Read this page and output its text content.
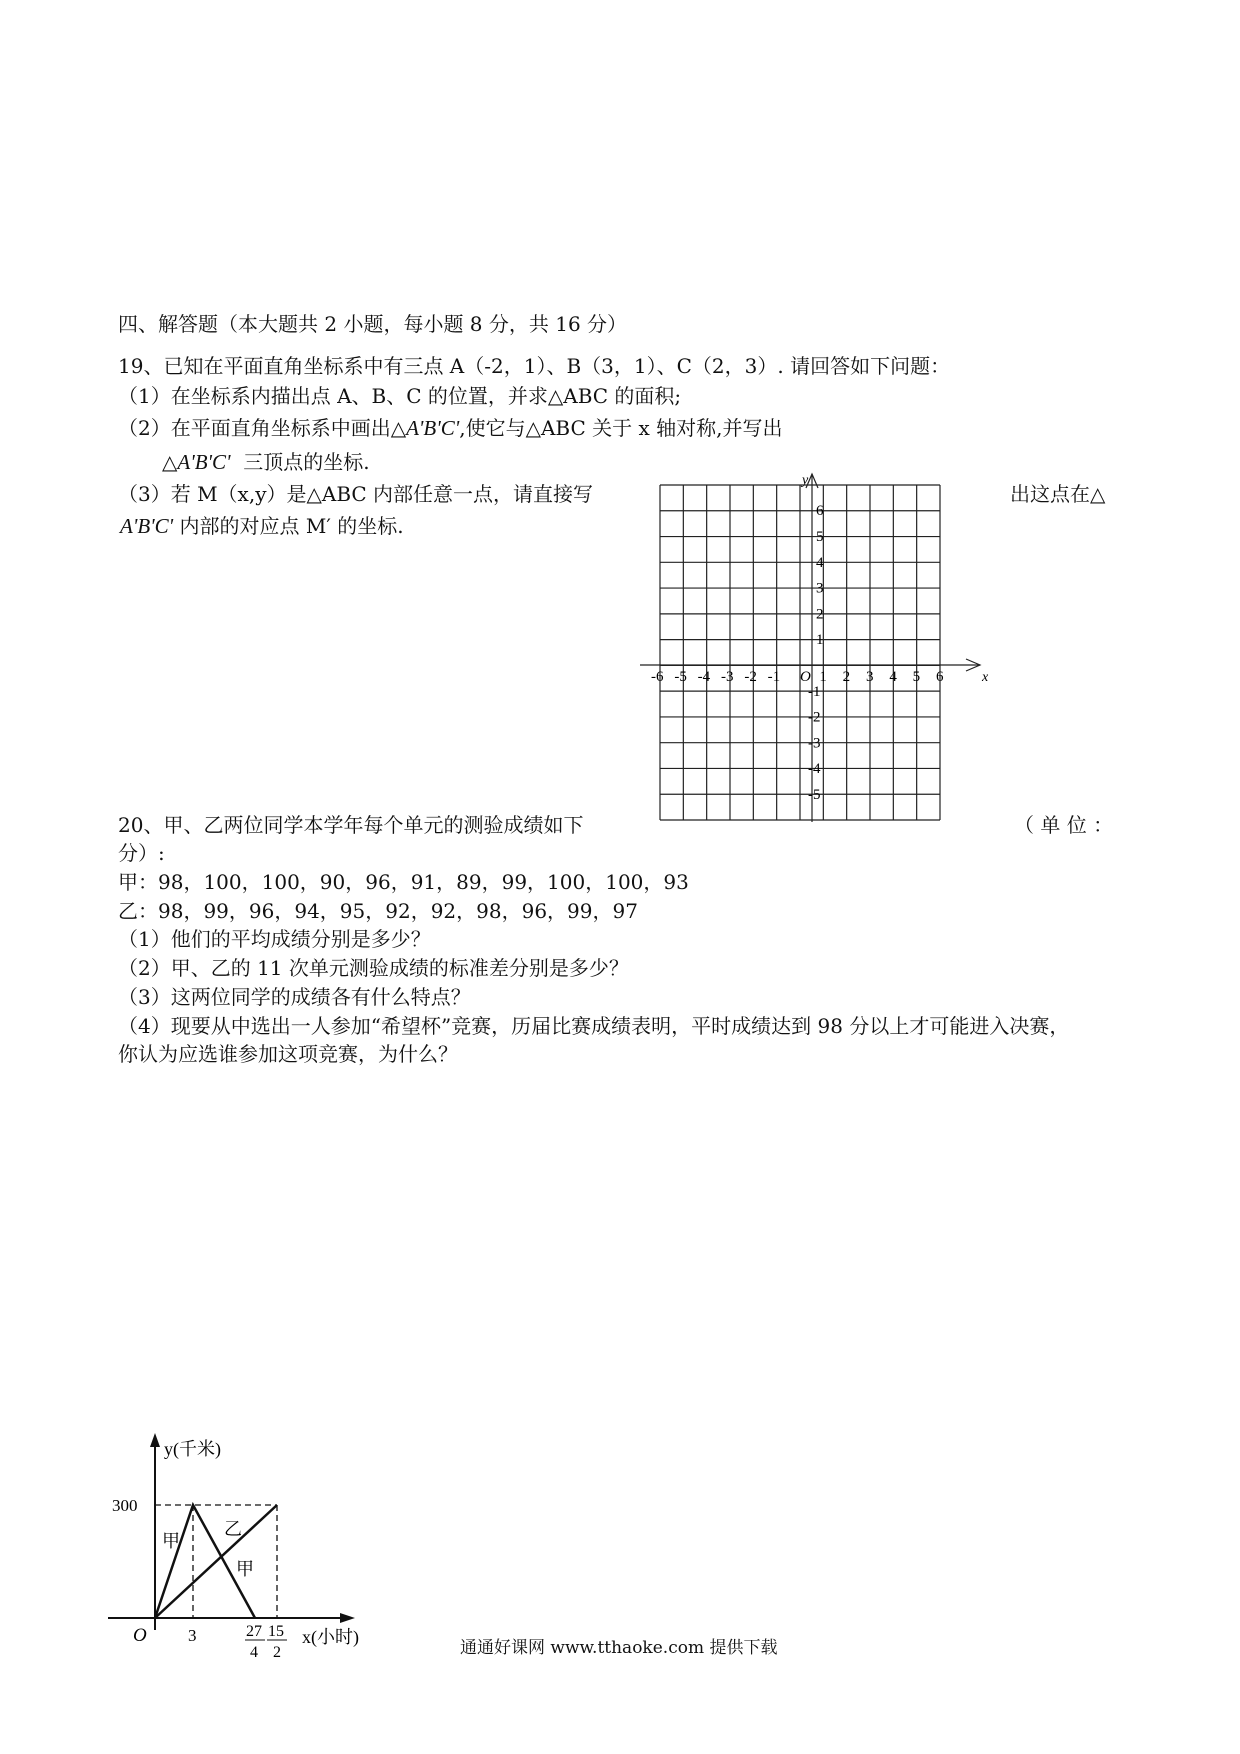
四、解答题（本大题共 2 小题，每小题 8 分，共 16 分）
19、已知在平面直角坐标系中有三点 A（-2，1）、B（3，1）、C（2，3）. 请回答如下问题：
（1）在坐标系内描出点 A、B、C 的位置，并求△ABC 的面积;
（2）在平面直角坐标系中画出△A'B'C',使它与△ABC 关于 x 轴对称,并写出
△A'B'C' 三顶点的坐标.
（3）若 M（x,y）是△ABC 内部任意一点，请直接写	出这点在△
A'B'C' 内部的对应点 M′ 的坐标.
x
y
O
-6 -5 -4 -3 -2 -1	1 2 3 4 5 6
6
5
4
3
2
1
-1
-2
-3
-4
-5
20、甲、乙两位同学本学年每个单元的测验成绩如下	（ 单 位 ：
分）:
甲：98，100，100，90，96，91，89，99，100，100，93
乙：98，99，96，94，95，92，92，98，96，99，97
（1）他们的平均成绩分别是多少？
（2）甲、乙的 11 次单元测验成绩的标准差分别是多少？
（3）这两位同学的成绩各有什么特点？
（4）现要从中选出一人参加“希望杯”竞赛，历届比赛成绩表明，平时成绩达到 98 分以上才可能进入决赛，
你认为应选谁参加这项竞赛，为什么？
y(千米)
300
O 3	27
4
15
2
x(小时)
甲
乙
甲
通通好课网 www.tthaoke.com 提供下载
